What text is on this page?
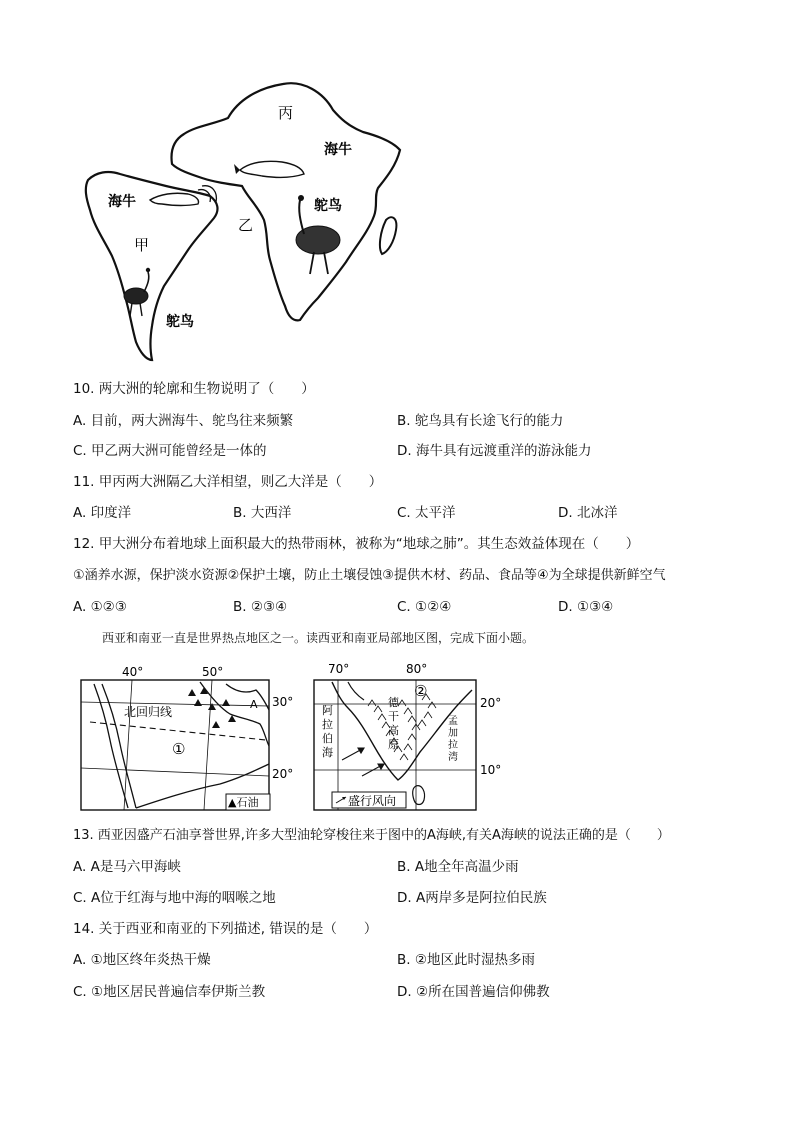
丙
海牛
鸵鸟
乙
海牛
甲
鸵鸟
10. 两大洲的轮廓和生物说明了（　　）
A. 目前，两大洲海牛、鸵鸟往来频繁	B. 鸵鸟具有长途飞行的能力
C. 甲乙两大洲可能曾经是一体的	D. 海牛具有远渡重洋的游泳能力
11. 甲丙两大洲隔乙大洋相望，则乙大洋是（　　）
A. 印度洋	B. 大西洋	C. 太平洋	D. 北冰洋
12. 甲大洲分布着地球上面积最大的热带雨林，被称为“地球之肺”。其生态效益体现在（　　）
①涵养水源，保护淡水资源②保护土壤，防止土壤侵蚀③提供木材、药品、食品等④为全球提供新鲜空气
A. ①②③	B. ②③④	C. ①②④	D. ①③④
西亚和南亚一直是世界热点地区之一。读西亚和南亚局部地区图，完成下面小题。
40°	50°
北回归线
①
A
▲石油
30°
20°
70°	80°
②
阿
拉
伯
海
德
干
高
原
孟
加
拉
湾
盛行风向
20°
10°
13. 西亚因盛产石油享誉世界,许多大型油轮穿梭往来于图中的A海峡,有关A海峡的说法正确的是（　　）
A. A是马六甲海峡	B. A地全年高温少雨
C. A位于红海与地中海的咽喉之地	D. A两岸多是阿拉伯民族
14. 关于西亚和南亚的下列描述, 错误的是（　　）
A. ①地区终年炎热干燥	B. ②地区此时湿热多雨
C. ①地区居民普遍信奉伊斯兰教	D. ②所在国普遍信仰佛教
